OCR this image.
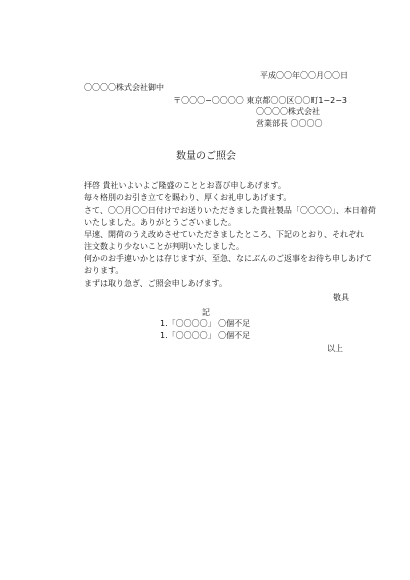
平成〇〇年〇〇月〇〇日
〇〇〇〇株式会社御中
〒〇〇〇−〇〇〇〇 東京都〇〇区〇〇町1−2−3
〇〇〇〇株式会社
営業部長 〇〇〇〇
数量のご照会
拝啓 貴社いよいよご隆盛のこととお喜び申しあげます。
毎々格別のお引き立てを賜わり、厚くお礼申しあげます。
さて、〇〇月〇〇日付けでお送りいただきました貴社製品「〇〇〇〇」、本日着荷
いたしました。ありがとうございました。
早速、開荷のうえ改めさせていただきましたところ、下記のとおり、それぞれ
注文数より少ないことが判明いたしました。
何かのお手違いかとは存じますが、至急、なにぶんのご返事をお待ち申しあげて
おります。
まずは取り急ぎ、ご照会申しあげます。
敬具
記
1.「〇〇〇〇」 〇個不足
1.「〇〇〇〇」 〇個不足
以上
